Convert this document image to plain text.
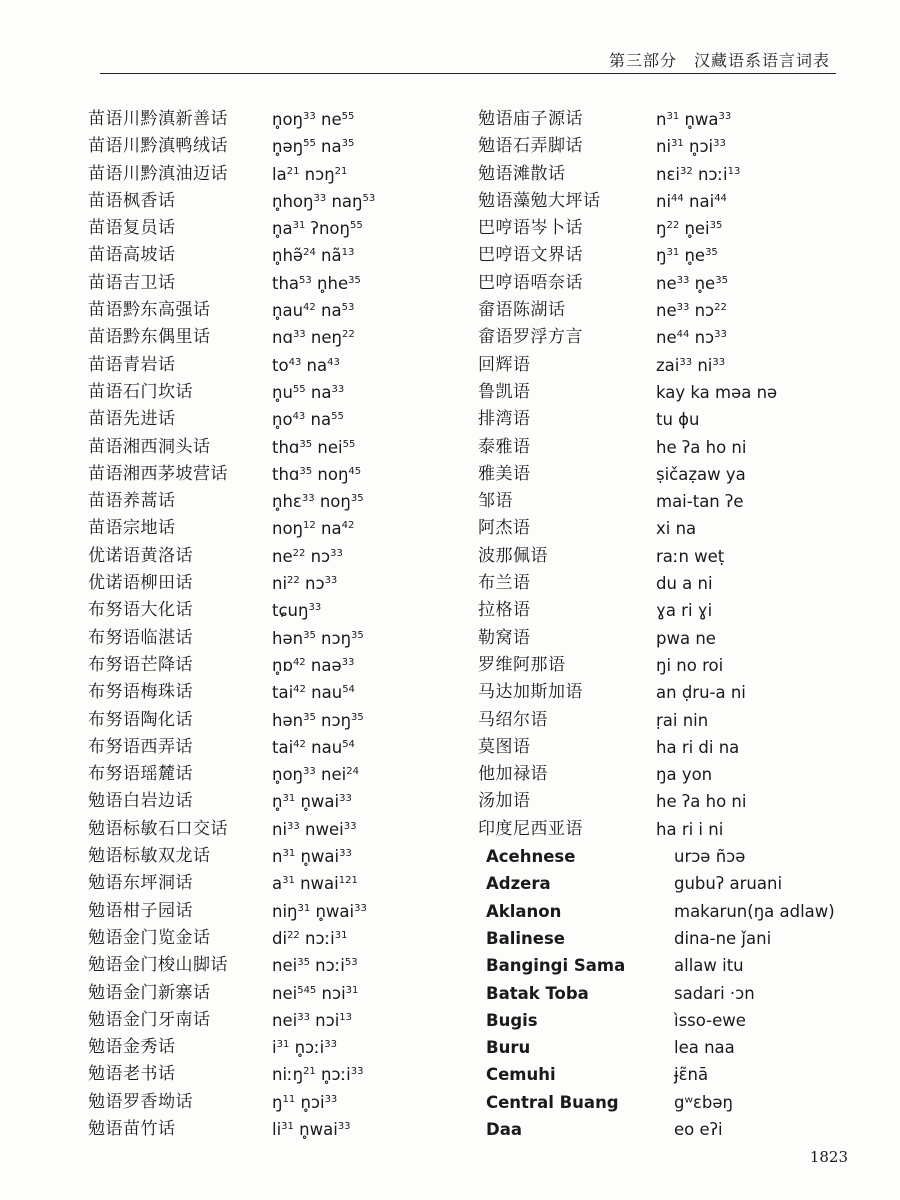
第三部分　汉藏语系语言词表
苗语川黔滇新善话
苗语川黔滇鸭绒话
苗语川黔滇油迈话
苗语枫香话
苗语复员话
苗语高坡话
苗语吉卫话
苗语黔东高强话
苗语黔东偶里话
苗语青岩话
苗语石门坎话
苗语先进话
苗语湘西洞头话
苗语湘西茅坡营话
苗语养蒿话
苗语宗地话
优诺语黄洛话
优诺语柳田话
布努语大化话
布努语临湛话
布努语芒降话
布努语梅珠话
布努语陶化话
布努语西弄话
布努语瑶麓话
勉语白岩边话
勉语标敏石口交话
勉语标敏双龙话
勉语东坪洞话
勉语柑子园话
勉语金门览金话
勉语金门梭山脚话
勉语金门新寨话
勉语金门牙南话
勉语金秀话
勉语老书话
勉语罗香坳话
勉语苗竹话
$n̥oŋ^{33}$ $ne^{55}$
n̥əŋ$^{55}$ $na^{35}$
$la^{21}$ nɔŋ$^{21}$
n̥hoŋ$^{33}$ naŋ$^{53}$
$n̥a^{31}$ ʔnoŋ$^{55}$
n̥hə̃$^{24}$ $nã^{13}$
tha$^{53}$ $n̥he^{35}$
$n̥au^{42}$ $na^{53}$
nɑ$^{33}$ neŋ$^{22}$
$to^{43}$ $na^{43}$
$n̥u^{55}$ $na^{33}$
$n̥o^{43}$ $na^{55}$
thɑ$^{35}$ nei$^{55}$
thɑ$^{35}$ noŋ$^{45}$
n̥hɛ$^{33}$ noŋ$^{35}$
noŋ$^{12}$ $na^{42}$
$ne^{22}$ nɔ$^{33}$
$ni^{22}$ nɔ$^{33}$
tɕuŋ$^{33}$
hən$^{35}$ nɔŋ$^{35}$
n̥ɒ$^{42}$ naə$^{33}$
tai$^{42}$ nau$^{54}$
hən$^{35}$ nɔŋ$^{35}$
tai$^{42}$ nau$^{54}$
$n̥oŋ^{33}$ nei$^{24}$
n̥$^{31}$ n̥wai$^{33}$
$ni^{33}$ nwei$^{33}$
$n^{31}$ n̥wai$^{33}$
$a^{31}$ nwai$^{121}$
niŋ$^{31}$ n̥wai$^{33}$
$di^{22}$ nɔːi$^{31}$
nei$^{35}$ nɔːi$^{53}$
nei$^{545}$ nɔi$^{31}$
nei$^{33}$ nɔi$^{13}$
$i^{31}$ n̥ɔːi$^{33}$
niːŋ$^{21}$ n̥ɔːi$^{33}$
$ŋ^{11}$ n̥ɔi$^{33}$
$li^{31}$ n̥wai$^{33}$
勉语庙子源话
勉语石弄脚话
勉语滩散话
勉语藻勉大坪话
巴哼语岑卜话
巴哼语文界话
巴哼语唔奈话
畲语陈湖话
畲语罗浮方言
回辉语
鲁凯语
排湾语
泰雅语
雅美语
邹语
阿杰语
波那佩语
布兰语
拉格语
勒窝语
罗维阿那语
马达加斯加语
马绍尔语
莫图语
他加禄语
汤加语
印度尼西亚语
Acehnese
Adzera
Aklanon
Balinese
Bangingi Sama
Batak Toba
Bugis
Buru
Cemuhi
Central Buang
Daa
$n^{31}$ $n̥wa^{33}$
$ni^{31}$ n̥ɔi$^{33}$
nɛi$^{32}$ nɔːi$^{13}$
$ni^{44}$ nai$^{44}$
$ŋ^{22}$ $n̥ei^{35}$
$ŋ^{31}$ $n̥e^{35}$
$ne^{33}$ $n̥e^{35}$
$ne^{33}$ nɔ$^{22}$
$ne^{44}$ nɔ$^{33}$
zai$^{33}$ $ni^{33}$
kay ka məa nə
tu ɸu
he ʔa ho ni
ṣičaẓaw ya
mai-tan ʔe
xi na
raːn weṭ
du a ni
ɣa ri ɣi
pwa ne
ŋi no roi
an ḍru-a ni
ṛai nin
ha ri di na
ŋa yon
he ʔa ho ni
ha ri i ni
urɔə ñɔə
gubuʔ aruani
makarun(ŋa adlaw)
dina-ne ǰani
allaw itu
sadari ·ɔn
ìsso-ewe
lea naa
ɉɛ̃nā
gʷɛbəŋ
eo eʔi
1823
